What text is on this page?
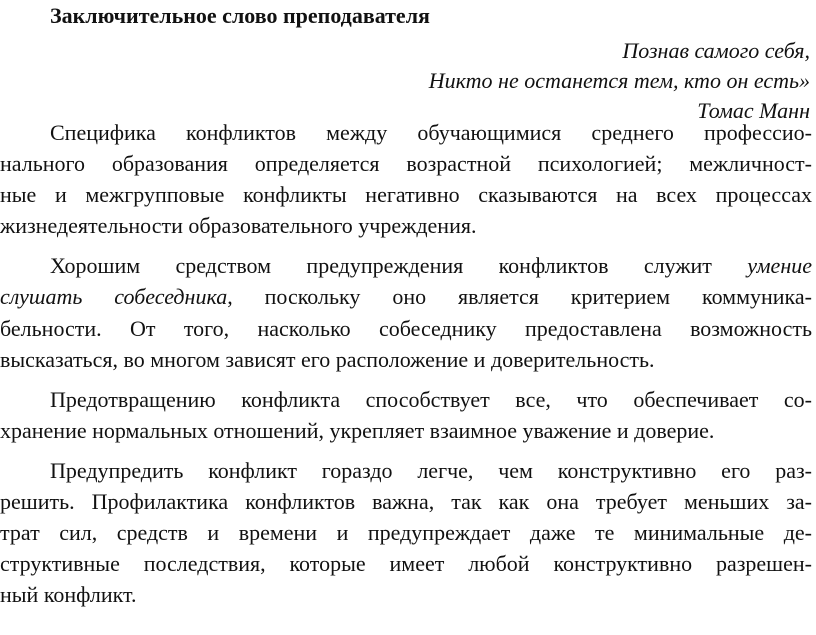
Заключительное слово преподавателя
Познав самого себя,
Никто не останется тем, кто он есть»
Томас Манн
Специфика конфликтов между обучающимися среднего профессио-
нального образования определяется возрастной психологией; межличност-
ные и межгрупповые конфликты негативно сказываются на всех процессах
жизнедеятельности образовательного учреждения.
Хорошим средством предупреждения конфликтов служит умение
слушать собеседника, поскольку оно является критерием коммуника-
бельности. От того, насколько собеседнику предоставлена возможность
высказаться, во многом зависят его расположение и доверительность.
Предотвращению конфликта способствует все, что обеспечивает со-
хранение нормальных отношений, укрепляет взаимное уважение и доверие.
Предупредить конфликт гораздо легче, чем конструктивно его раз-
решить. Профилактика конфликтов важна, так как она требует меньших за-
трат сил, средств и времени и предупреждает даже те минимальные де-
структивные последствия, которые имеет любой конструктивно разрешен-
ный конфликт.
